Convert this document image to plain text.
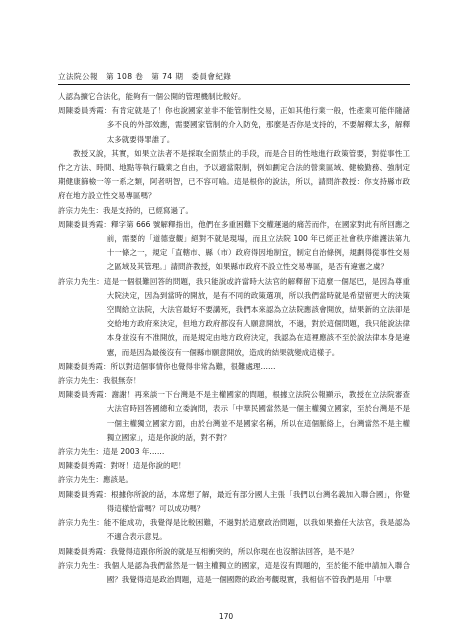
立法院公報　第 108 卷　第 74 期　委員會紀錄

人認為擴它合法化，能夠有一個公開的管理機制比較好。

周陳委員秀霞：有肯定就是了！你也說國家並非不能管制性交易，正如其他行業一般，性產業可能伴隨諸多不良的外部效應，需要國家管制的介入防免，那麼是否你是支持的，不要解釋太多，解釋太多就要得罪誰了。

教授又說，其實，如果立法者不是採取全面禁止的手段，而是合目的性地進行政策管要，對從事性工作之方法、時間、地點等執行職業之自由，予以適當限制，例如劃定合法的營業區域、健檢勤務、強制定期健康篩檢一等一系之類，阿者明智，已不容可喻。這是根你的說法，所以，請問許教授：你支持縣市政府在地方設立性交易專區嗎？

許宗力先生：我是支持的，已經寫過了。

周陳委員秀霞：釋字第 666 號解釋指出，他們在多重困難下交權運過的痛苦而作，在國家對此有所回應之前，需要的「道德壹觀」絕對不就是現場，而且立法院 100 年已經正社會秩序維護法第九十一條之一，規定「直轄市、縣（市）政府得因地制宜，制定自治條例，規劃得從事性交易之區域及其管理。」請問許教授，如果縣市政府不設立性交易專區，是否有違憲之虞？

許宗力先生：這是一個很難回答的問題，我只能說或許當時大法官的解釋留下這麼一個尾巴，是因為尊重大院決定，因為到當時的開放，是有不同的政策選項，所以我們當時就是希望留更大的決策空間給立法院，大法官最好不要講死，我們本來認為立法院應該會開放，結果新的立法卻是交給地方政府來決定，但地方政府都沒有人願意開放，不過，對於這個問題，我只能說法律本身並沒有不准開放，而是規定由地方政府決定，我認為在這裡應該不至於說法律本身是違憲，而是因為最後沒有一個縣市願意開放，造成的結果就變成這樣子。

周陳委員秀霞：所以對這個事情你也覺得非常為難，很難處理……

許宗力先生：我很無奈！

周陳委員秀霞：謝謝！再來談一下台灣是不是主權國家的問題，根據立法院公報顯示，教授在立法院審查大法官時回答國總和立委詢問，表示「中華民國當然是一個主權獨立國家，至於台灣是不是一個主權獨立國家方面，由於台灣並不是國家名稱，所以在這個脈絡上，台灣當然不是主權獨立國家」，這是你說的話，對不對？

許宗力先生：這是 2003 年……

周陳委員秀霞：對呀！這是你說的吧！

許宗力先生：應該是。

周陳委員秀霞：根據你所說的話，本席想了解，最近有部分國人主張「我們以台灣名義加入聯合國」，你覺得這樣恰當嗎？可以成功嗎？

許宗力先生：能不能成功，我覺得是比較困難，不過對於這麼政治問題，以我如果擔任大法官，我是認為不適合表示意見。

周陳委員秀霞：我覺得這跟你所說的就是互相衝突的，所以你現在也沒辦法回答，是不是？

許宗力先生：我個人是認為我們當然是一個主權獨立的國家，這是沒有問題的，至於能不能申請加入聯合國？我覺得這是政治問題，這是一個國際的政治考觀現實，我相信不管我們是用「中華

170
